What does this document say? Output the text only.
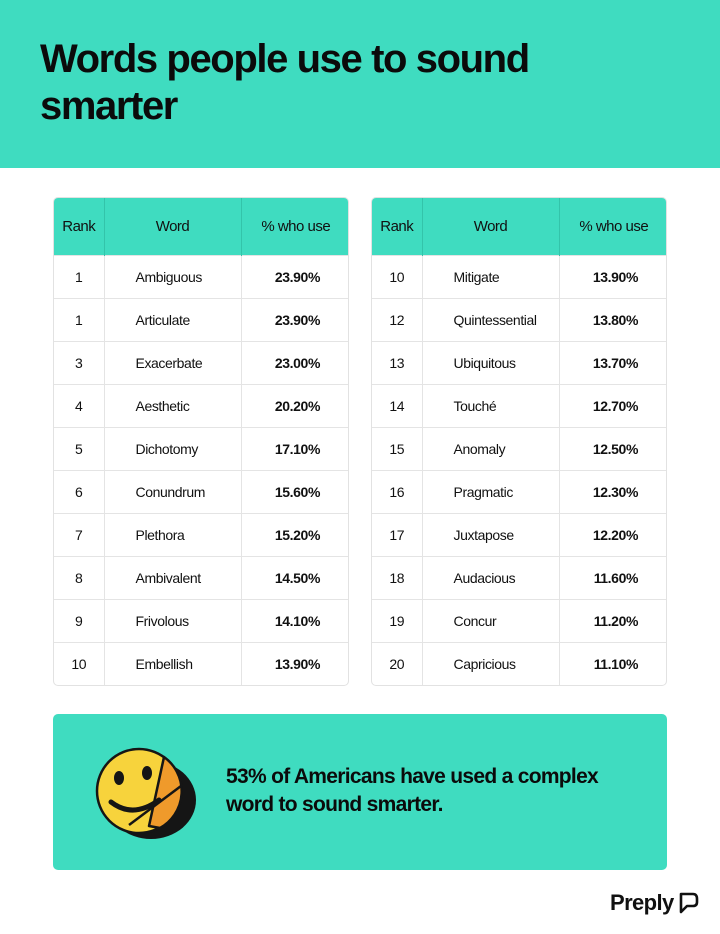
Words people use to sound smarter
Rank	Word	% who use
1	Ambiguous	23.90%
1	Articulate	23.90%
3	Exacerbate	23.00%
4	Aesthetic	20.20%
5	Dichotomy	17.10%
6	Conundrum	15.60%
7	Plethora	15.20%
8	Ambivalent	14.50%
9	Frivolous	14.10%
10	Embellish	13.90%
Rank	Word	% who use
10	Mitigate	13.90%
12	Quintessential	13.80%
13	Ubiquitous	13.70%
14	Touché	12.70%
15	Anomaly	12.50%
16	Pragmatic	12.30%
17	Juxtapose	12.20%
18	Audacious	11.60%
19	Concur	11.20%
20	Capricious	11.10%

53% of Americans have used a complex word to sound smarter.

Preply
